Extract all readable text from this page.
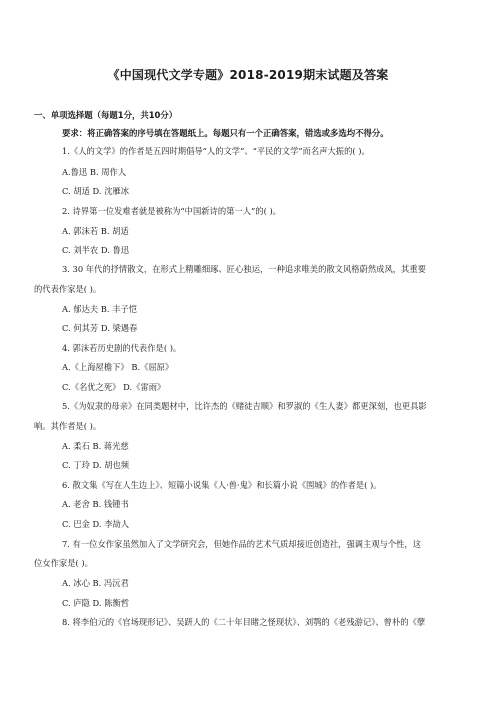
《中国现代文学专题》2018-2019期末试题及答案
一、单项选择题（每题1分，共10分）
要求：将正确答案的序号填在答题纸上。每题只有一个正确答案，错选或多选均不得分。
1.《人的文学》的作者是五四时期倡导“人的文学”、“平民的文学”而名声大振的( )。
A.鲁迅 B. 周作人
C. 胡适 D. 沈雁冰
2. 诗界第一位发难者就是被称为“中国新诗的第一人”的( )。
A. 郭沫若 B. 胡适
C. 刘半农 D. 鲁迅
3. 30 年代的抒情散文，在形式上精雕细琢、匠心独运，一种追求唯美的散文风格蔚然成风，其重要
的代表作家是( )。
A. 郁达夫 B. 丰子恺
C. 何其芳 D. 梁遇春
4. 郭沫若历史剧的代表作是( )。
A.《上海屋檐下》 B.《屈原》
C.《名优之死》 D.《雷雨》
5.《为奴隶的母亲》在同类题材中，比许杰的《赌徒吉顺》和罗淑的《生人妻》都更深刻，也更具影
响。其作者是( )。
A. 柔石 B. 蒋光慈
C. 丁玲 D. 胡也频
6. 散文集《写在人生边上》、短篇小说集《人·兽·鬼》和长篇小说《围城》的作者是( )。
A. 老舍 B. 钱锺书
C. 巴金 D. 李劼人
7. 有一位女作家虽然加入了文学研究会，但她作品的艺术气质却接近创造社，强调主观与个性，这
位女作家是( )。
A. 冰心 B. 冯沅君
C. 庐隐 D. 陈衡哲
8. 将李伯元的《官场现形记》、吴趼人的《二十年目睹之怪现状》、刘鹗的《老残游记》、曾朴的《孽
